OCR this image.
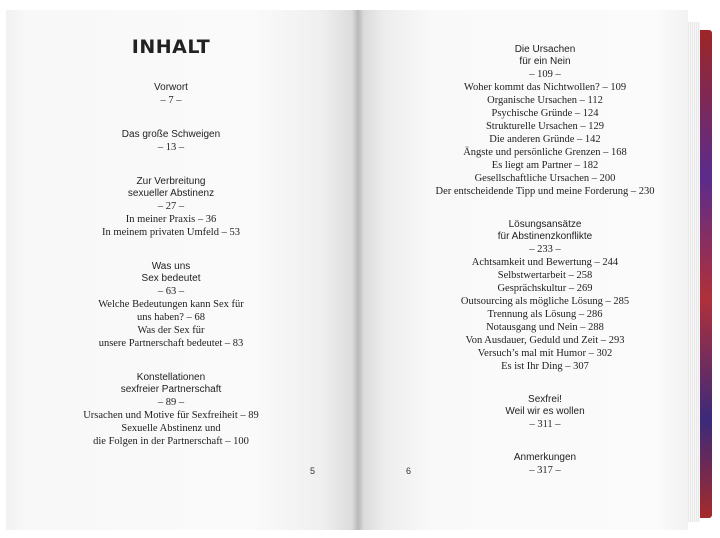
INHALT
Vorwort
– 7 –
Das große Schweigen
– 13 –
Zur Verbreitung
sexueller Abstinenz
– 27 –
In meiner Praxis – 36
In meinem privaten Umfeld – 53
Was uns
Sex bedeutet
– 63 –
Welche Bedeutungen kann Sex für
uns haben? – 68
Was der Sex für
unsere Partnerschaft bedeutet – 83
Konstellationen
sexfreier Partnerschaft
– 89 –
Ursachen und Motive für Sexfreiheit – 89
Sexuelle Abstinenz und
die Folgen in der Partnerschaft – 100
5
Die Ursachen
für ein Nein
– 109 –
Woher kommt das Nichtwollen? – 109
Organische Ursachen – 112
Psychische Gründe – 124
Strukturelle Ursachen – 129
Die anderen Gründe – 142
Ängste und persönliche Grenzen – 168
Es liegt am Partner – 182
Gesellschaftliche Ursachen – 200
Der entscheidende Tipp und meine Forderung – 230
Lösungsansätze
für Abstinenzkonflikte
– 233 –
Achtsamkeit und Bewertung – 244
Selbstwertarbeit – 258
Gesprächskultur – 269
Outsourcing als mögliche Lösung – 285
Trennung als Lösung – 286
Notausgang und Nein – 288
Von Ausdauer, Geduld und Zeit – 293
Versuch’s mal mit Humor – 302
Es ist Ihr Ding – 307
Sexfrei!
Weil wir es wollen
– 311 –
Anmerkungen
– 317 –
6
